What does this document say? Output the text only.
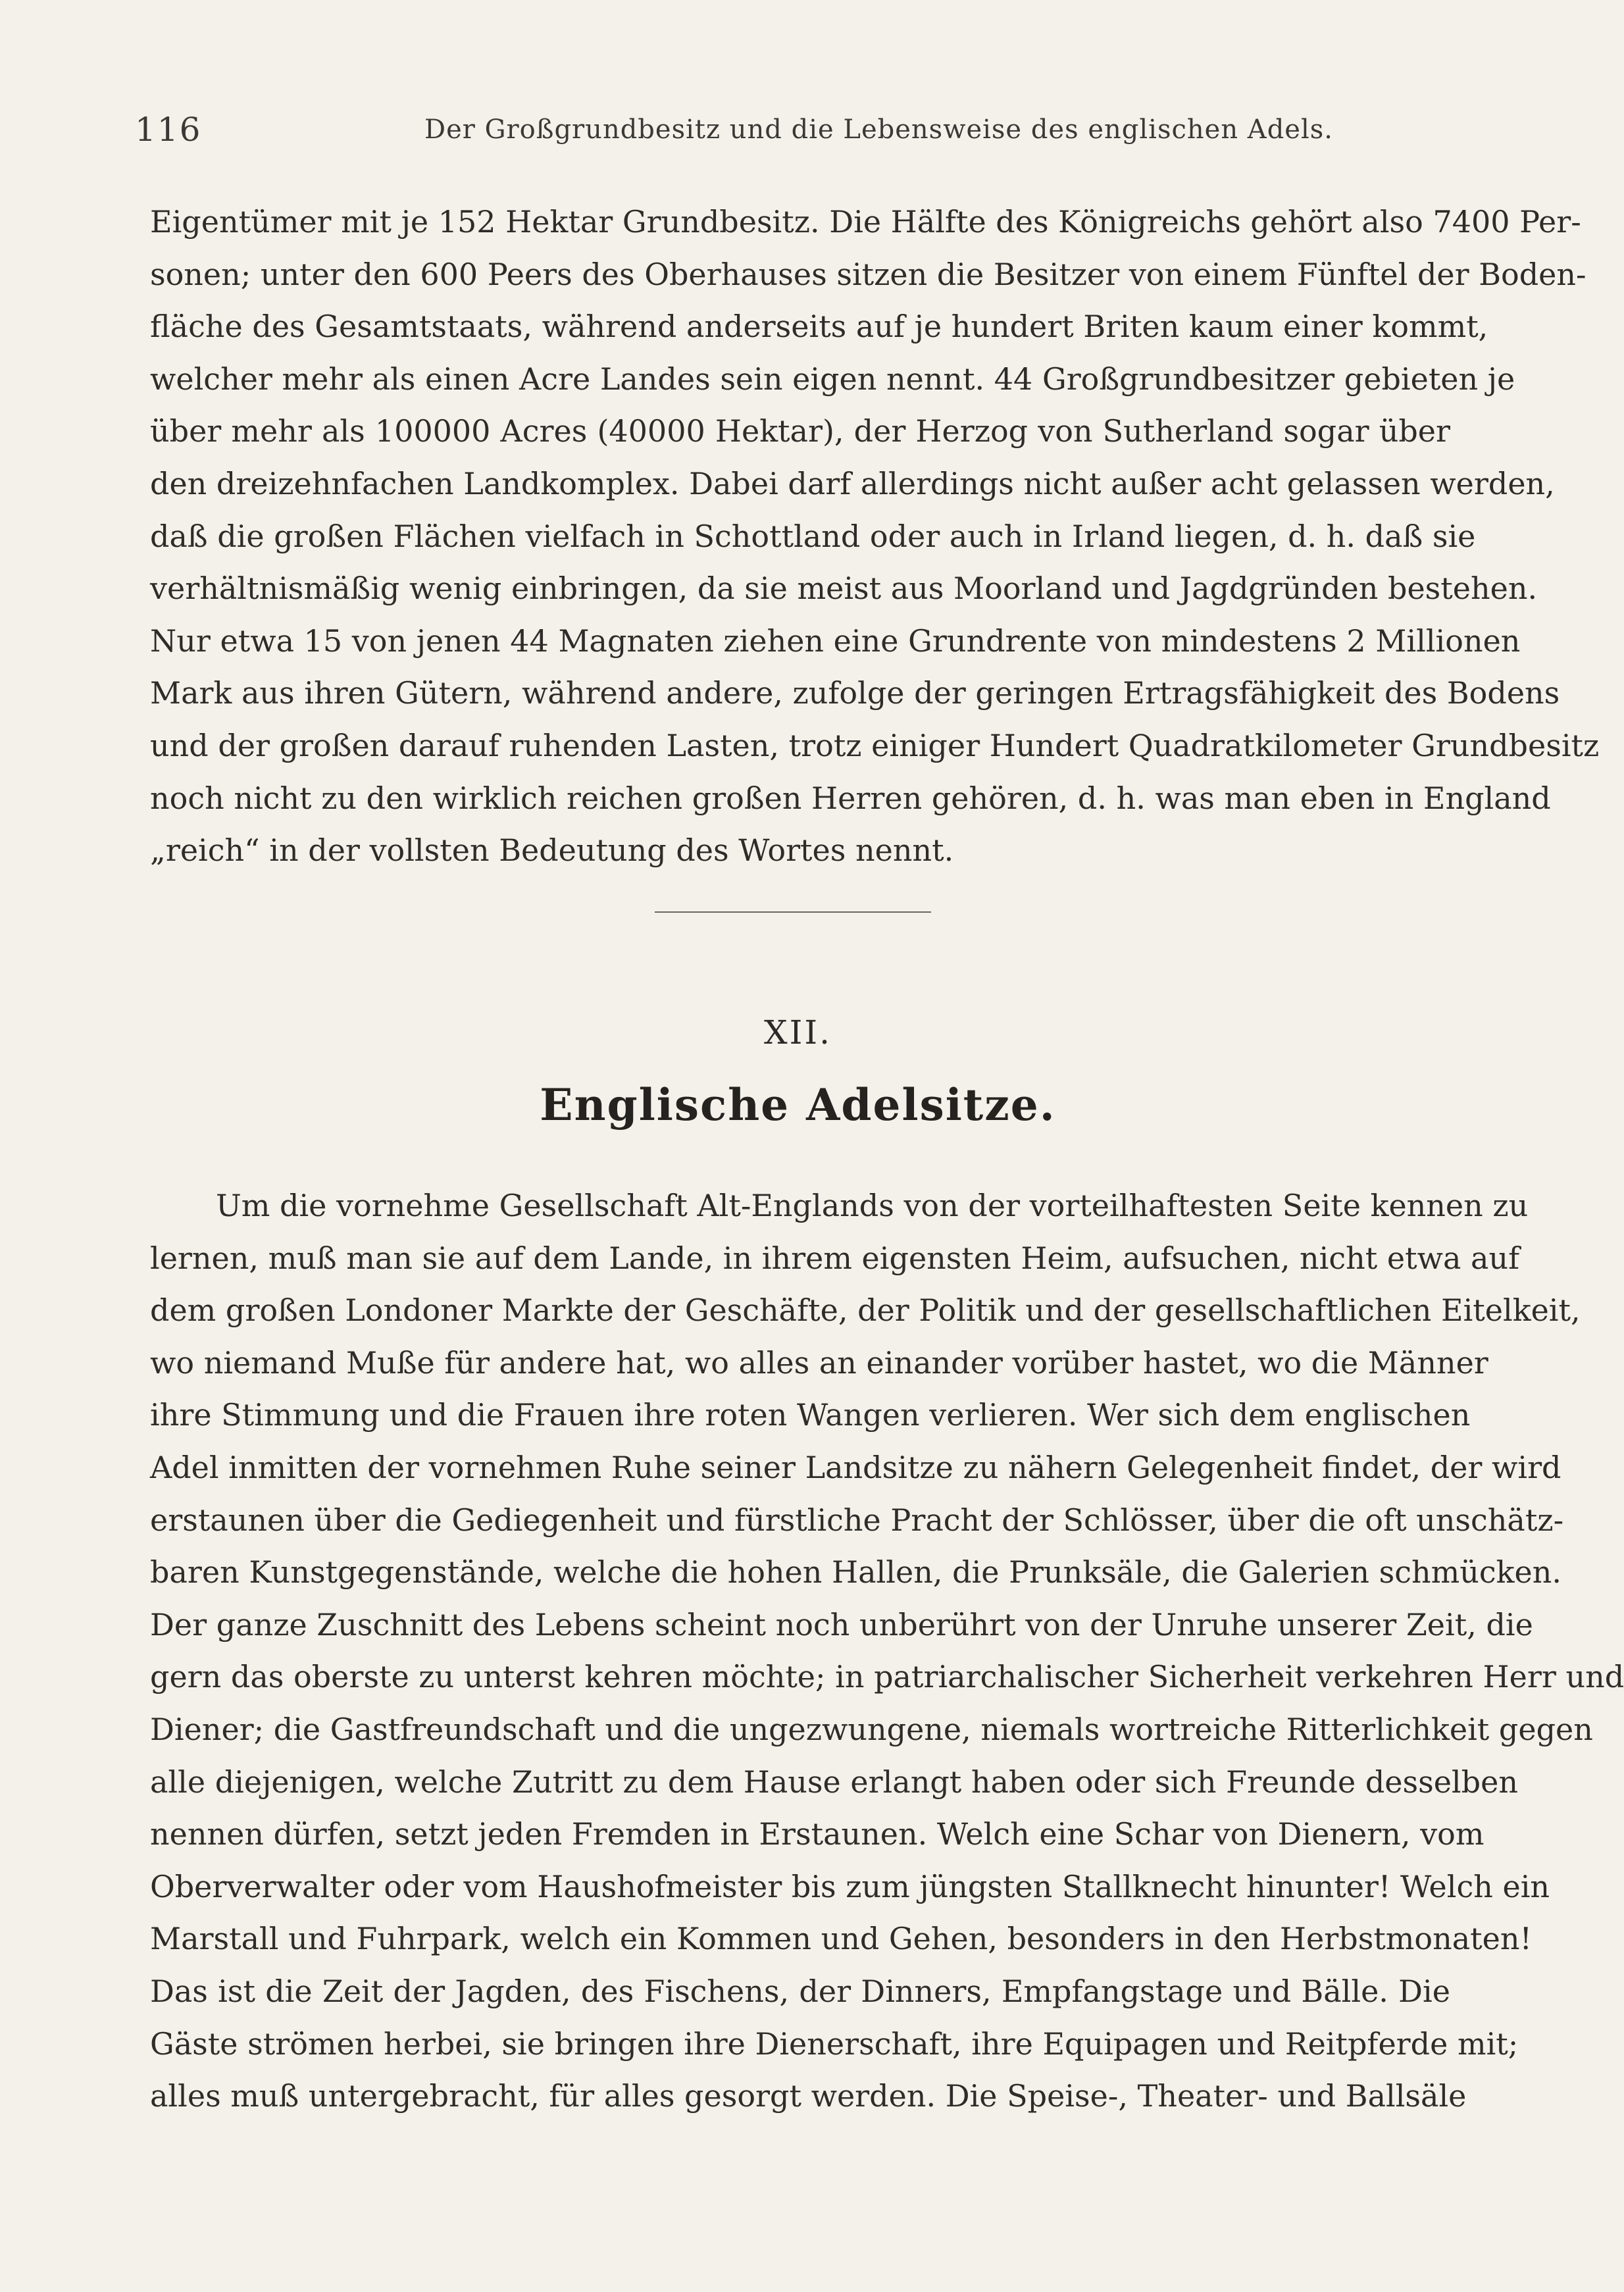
116	Der Großgrundbesitz und die Lebensweise des englischen Adels.
Eigentümer mit je 152 Hektar Grundbesitz. Die Hälfte des Königreichs gehört also 7400 Per-
sonen; unter den 600 Peers des Oberhauses sitzen die Besitzer von einem Fünftel der Boden-
fläche des Gesamtstaats, während anderseits auf je hundert Briten kaum einer kommt,
welcher mehr als einen Acre Landes sein eigen nennt. 44 Großgrundbesitzer gebieten je
über mehr als 100000 Acres (40000 Hektar), der Herzog von Sutherland sogar über
den dreizehnfachen Landkomplex. Dabei darf allerdings nicht außer acht gelassen werden,
daß die großen Flächen vielfach in Schottland oder auch in Irland liegen, d. h. daß sie
verhältnismäßig wenig einbringen, da sie meist aus Moorland und Jagdgründen bestehen.
Nur etwa 15 von jenen 44 Magnaten ziehen eine Grundrente von mindestens 2 Millionen
Mark aus ihren Gütern, während andere, zufolge der geringen Ertragsfähigkeit des Bodens
und der großen darauf ruhenden Lasten, trotz einiger Hundert Quadratkilometer Grundbesitz
noch nicht zu den wirklich reichen großen Herren gehören, d. h. was man eben in England
„reich“ in der vollsten Bedeutung des Wortes nennt.
XII.
Englische Adelsitze.
Um die vornehme Gesellschaft Alt-Englands von der vorteilhaftesten Seite kennen zu
lernen, muß man sie auf dem Lande, in ihrem eigensten Heim, aufsuchen, nicht etwa auf
dem großen Londoner Markte der Geschäfte, der Politik und der gesellschaftlichen Eitelkeit,
wo niemand Muße für andere hat, wo alles an einander vorüber hastet, wo die Männer
ihre Stimmung und die Frauen ihre roten Wangen verlieren. Wer sich dem englischen
Adel inmitten der vornehmen Ruhe seiner Landsitze zu nähern Gelegenheit findet, der wird
erstaunen über die Gediegenheit und fürstliche Pracht der Schlösser, über die oft unschätz-
baren Kunstgegenstände, welche die hohen Hallen, die Prunksäle, die Galerien schmücken.
Der ganze Zuschnitt des Lebens scheint noch unberührt von der Unruhe unserer Zeit, die
gern das oberste zu unterst kehren möchte; in patriarchalischer Sicherheit verkehren Herr und
Diener; die Gastfreundschaft und die ungezwungene, niemals wortreiche Ritterlichkeit gegen
alle diejenigen, welche Zutritt zu dem Hause erlangt haben oder sich Freunde desselben
nennen dürfen, setzt jeden Fremden in Erstaunen. Welch eine Schar von Dienern, vom
Oberverwalter oder vom Haushofmeister bis zum jüngsten Stallknecht hinunter! Welch ein
Marstall und Fuhrpark, welch ein Kommen und Gehen, besonders in den Herbstmonaten!
Das ist die Zeit der Jagden, des Fischens, der Dinners, Empfangstage und Bälle. Die
Gäste strömen herbei, sie bringen ihre Dienerschaft, ihre Equipagen und Reitpferde mit;
alles muß untergebracht, für alles gesorgt werden. Die Speise-, Theater- und Ballsäle
